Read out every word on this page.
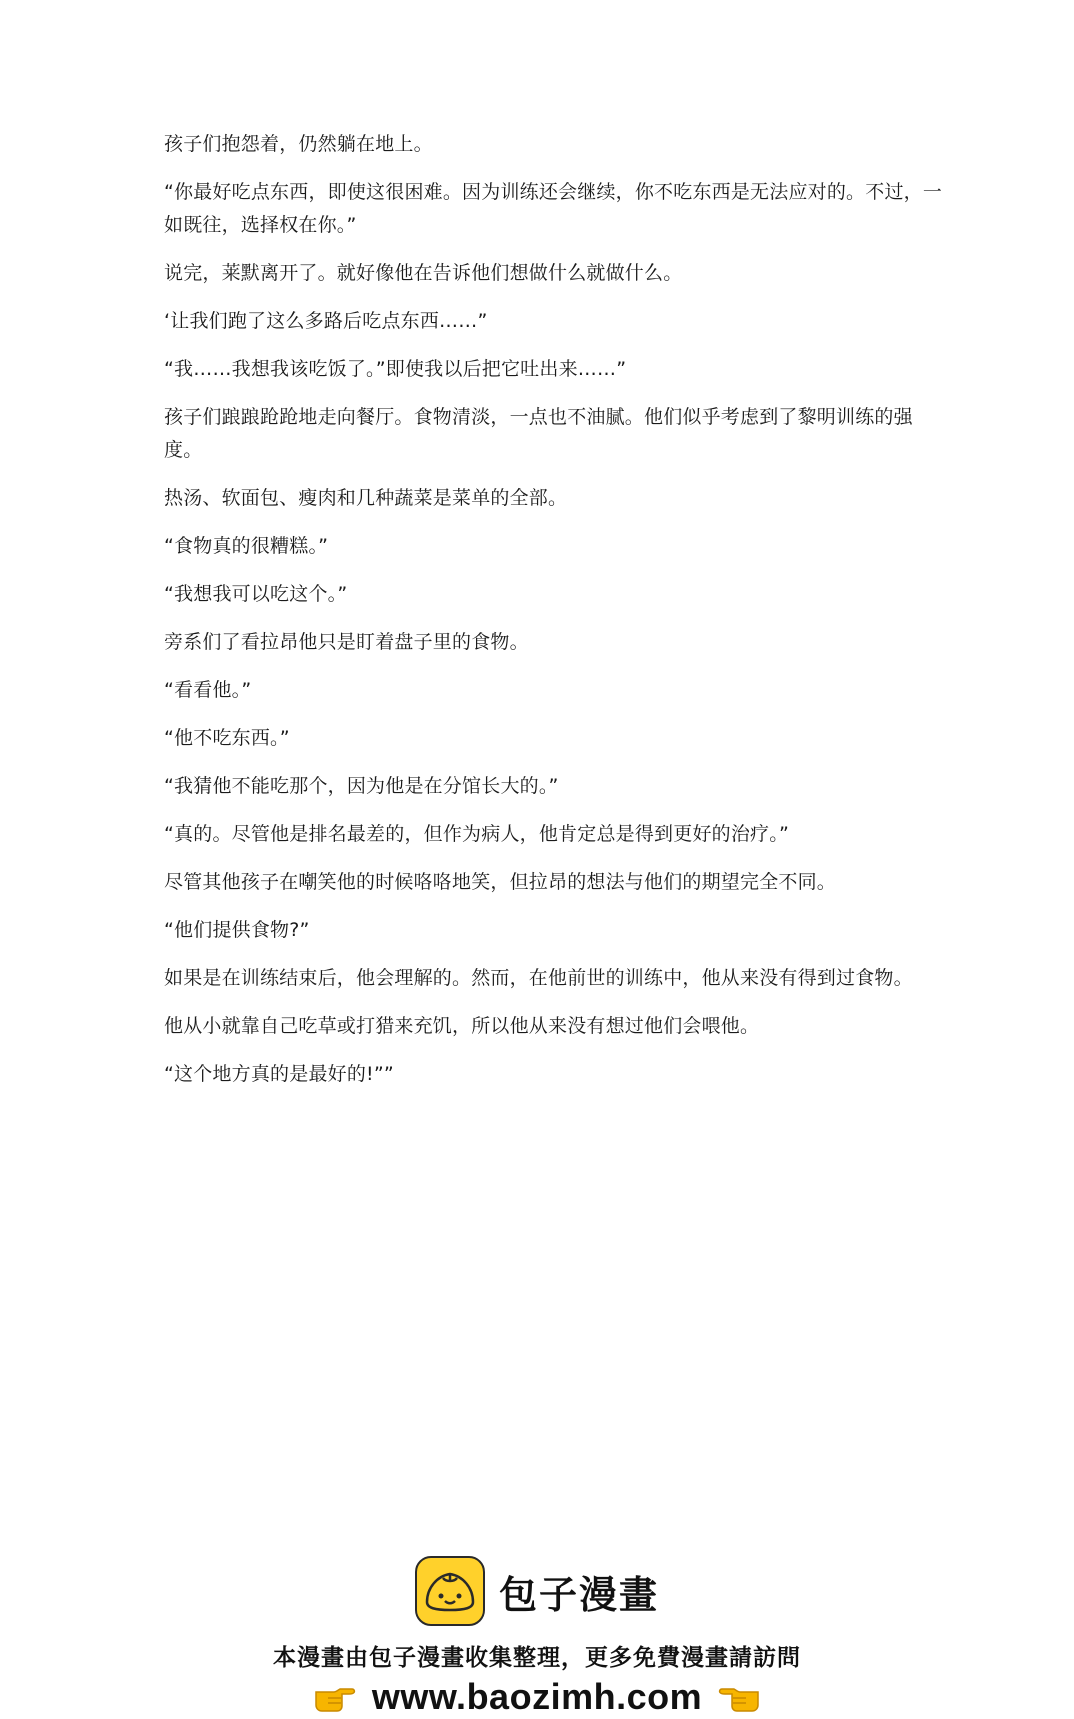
孩子们抱怨着，仍然躺在地上。

“你最好吃点东西，即使这很困难。因为训练还会继续，你不吃东西是无法应对的。不过，一如既往，选择权在你。”

说完，莱默离开了。就好像他在告诉他们想做什么就做什么。

‘让我们跑了这么多路后吃点东西……”

“我……我想我该吃饭了。”即使我以后把它吐出来……”

孩子们踉踉跄跄地走向餐厅。食物清淡，一点也不油腻。他们似乎考虑到了黎明训练的强度。

热汤、软面包、瘦肉和几种蔬菜是菜单的全部。

“食物真的很糟糕。”

“我想我可以吃这个。”

旁系们了看拉昂他只是盯着盘子里的食物。

“看看他。”

“他不吃东西。”

“我猜他不能吃那个，因为他是在分馆长大的。”

“真的。尽管他是排名最差的，但作为病人，他肯定总是得到更好的治疗。”

尽管其他孩子在嘲笑他的时候咯咯地笑，但拉昂的想法与他们的期望完全不同。

“他们提供食物?”

如果是在训练结束后，他会理解的。然而，在他前世的训练中，他从来没有得到过食物。

他从小就靠自己吃草或打猎来充饥，所以他从来没有想过他们会喂他。

“这个地方真的是最好的!””

包子漫畫
本漫畫由包子漫畫收集整理，更多免費漫畫請訪問
www.baozimh.com
